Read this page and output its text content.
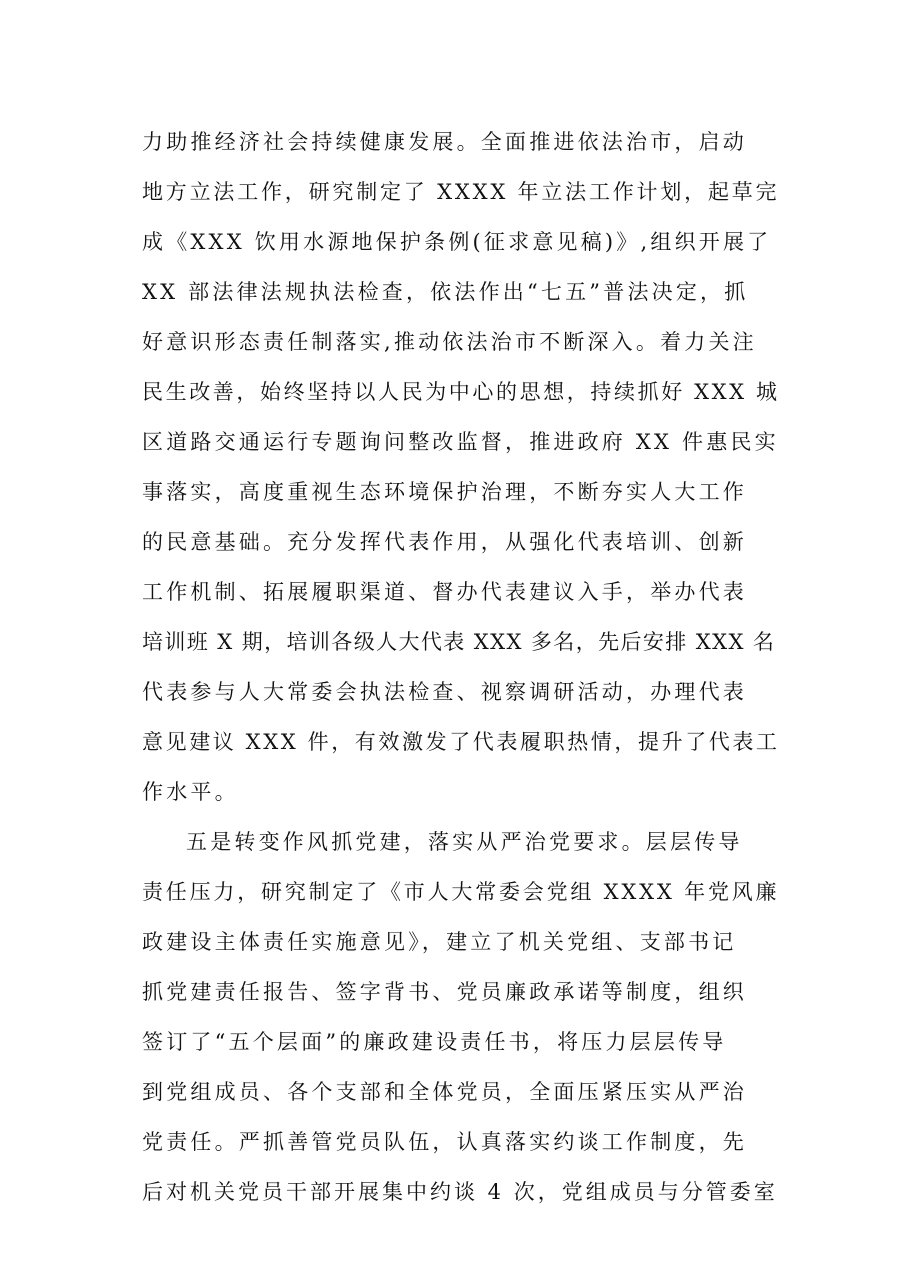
力助推经济社会持续健康发展。全面推进依法治市，启动
地方立法工作，研究制定了 XXXX 年立法工作计划，起草完
成《XXX 饮用水源地保护条例(征求意见稿)》,组织开展了
XX 部法律法规执法检查，依法作出“七五”普法决定，抓
好意识形态责任制落实,推动依法治市不断深入。着力关注
民生改善，始终坚持以人民为中心的思想，持续抓好 XXX 城
区道路交通运行专题询问整改监督，推进政府 XX 件惠民实
事落实，高度重视生态环境保护治理，不断夯实人大工作
的民意基础。充分发挥代表作用，从强化代表培训、创新
工作机制、拓展履职渠道、督办代表建议入手，举办代表
培训班 X 期，培训各级人大代表 XXX 多名，先后安排 XXX 名
代表参与人大常委会执法检查、视察调研活动，办理代表
意见建议 XXX 件，有效激发了代表履职热情，提升了代表工
作水平。
五是转变作风抓党建，落实从严治党要求。层层传导
责任压力，研究制定了《市人大常委会党组 XXXX 年党风廉
政建设主体责任实施意见》，建立了机关党组、支部书记
抓党建责任报告、签字背书、党员廉政承诺等制度，组织
签订了“五个层面”的廉政建设责任书，将压力层层传导
到党组成员、各个支部和全体党员，全面压紧压实从严治
党责任。严抓善管党员队伍，认真落实约谈工作制度，先
后对机关党员干部开展集中约谈 4 次，党组成员与分管委室
